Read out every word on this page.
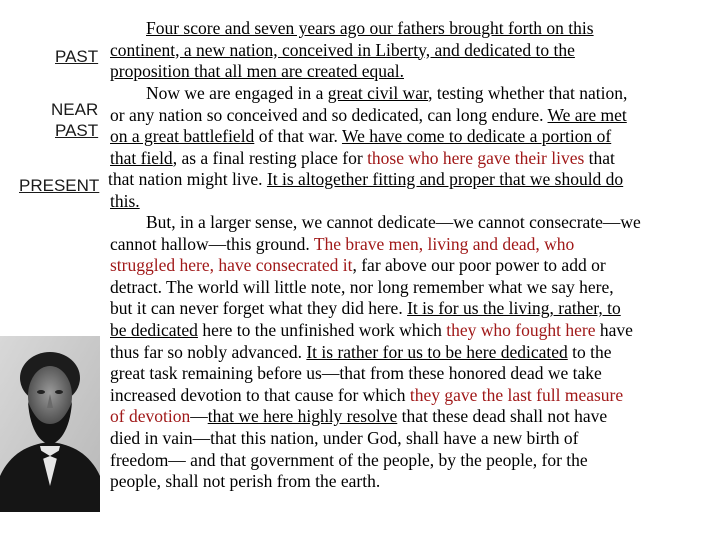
PAST
NEAR
PAST
PRESENT
Four score and seven years ago our fathers brought forth on this
continent, a new nation, conceived in Liberty, and dedicated to the
proposition that all men are created equal.
Now we are engaged in a great civil war, testing whether that nation,
or any nation so conceived and so dedicated, can long endure. We are met
on a great battlefield of that war. We have come to dedicate a portion of
that field, as a final resting place for those who here gave their lives that
that nation might live. It is altogether fitting and proper that we should do
this.
But, in a larger sense, we cannot dedicate—we cannot consecrate—we
cannot hallow—this ground. The brave men, living and dead, who
struggled here, have consecrated it, far above our poor power to add or
detract. The world will little note, nor long remember what we say here,
but it can never forget what they did here. It is for us the living, rather, to
be dedicated here to the unfinished work which they who fought here have
thus far so nobly advanced. It is rather for us to be here dedicated to the
great task remaining before us—that from these honored dead we take
increased devotion to that cause for which they gave the last full measure
of devotion—that we here highly resolve that these dead shall not have
died in vain—that this nation, under God, shall have a new birth of
freedom— and that government of the people, by the people, for the
people, shall not perish from the earth.
